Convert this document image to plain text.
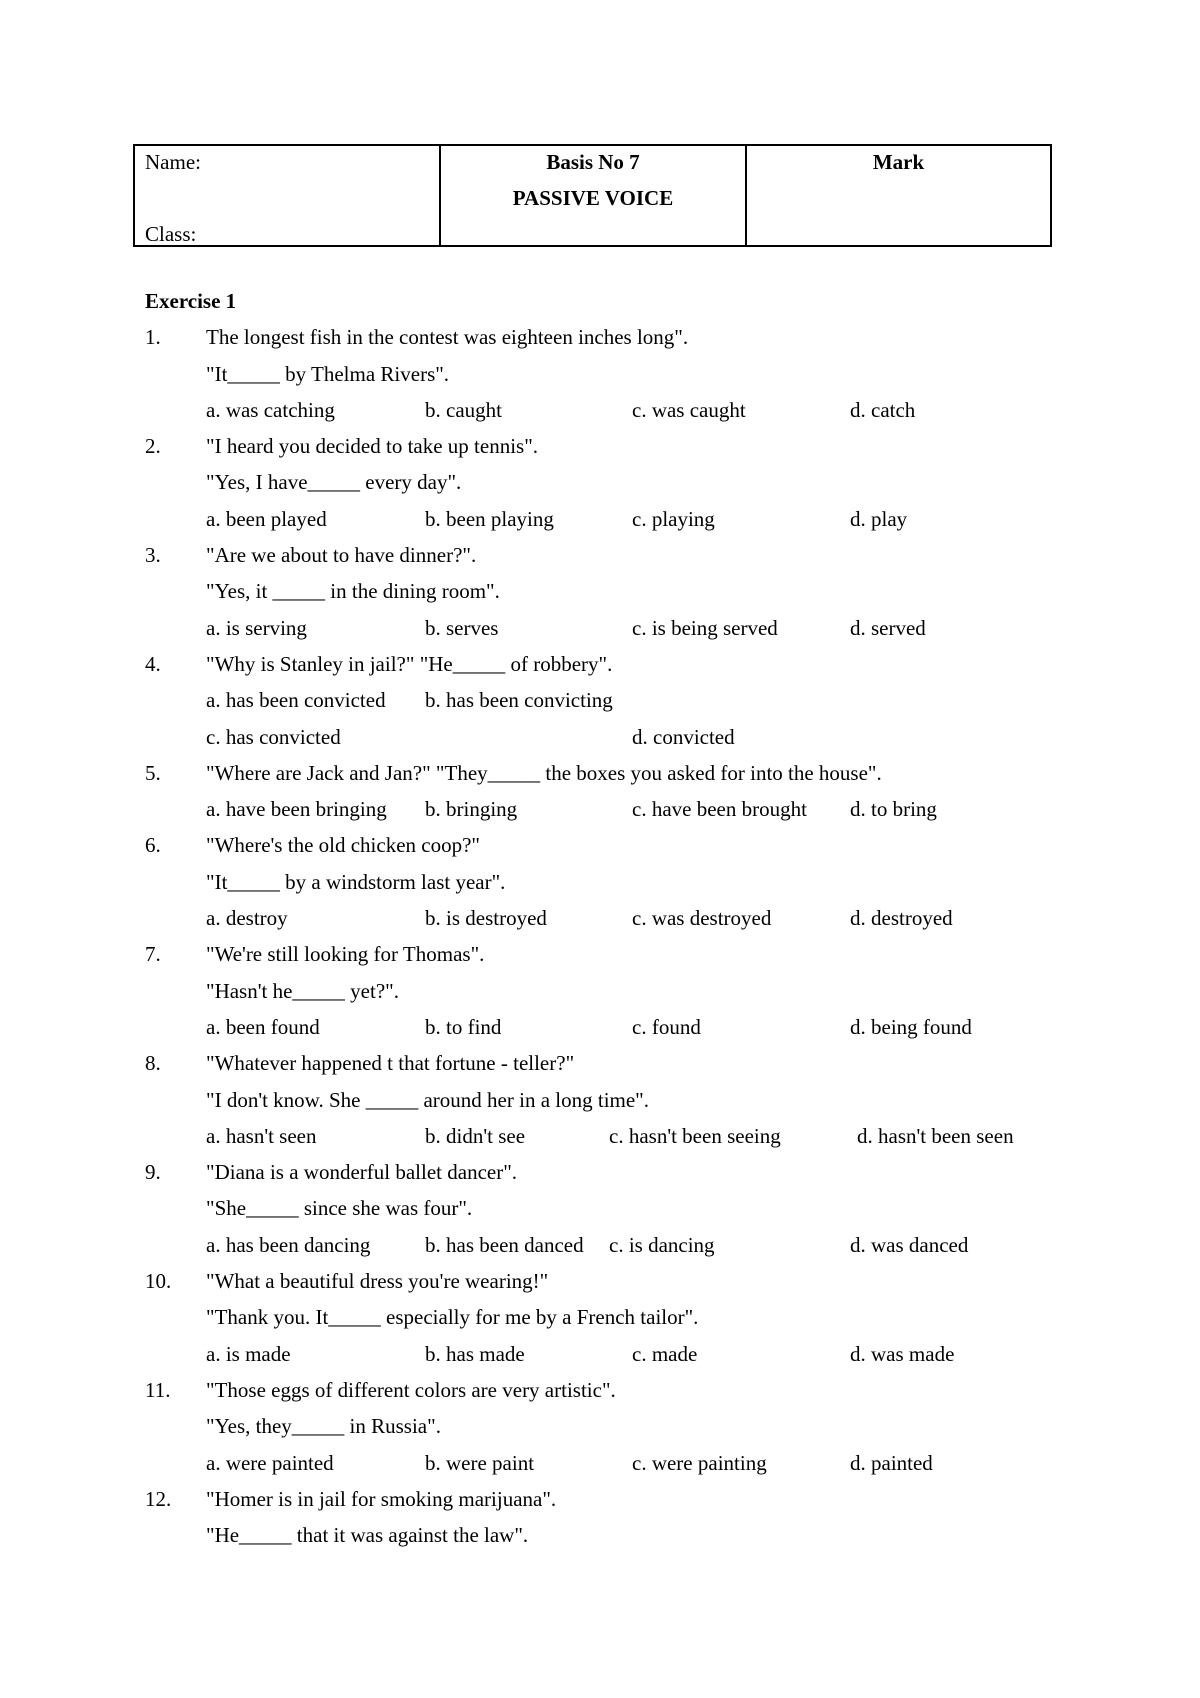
Name:
Class:

Basis No 7
PASSIVE VOICE

Mark
Exercise 1
1. The longest fish in the contest was eighteen inches long".
"It_____ by Thelma Rivers".
a. was catching	b. caught	c. was caught	d. catch
2. "I heard you decided to take up tennis".
"Yes, I have_____ every day".
a. been played	b. been playing	c. playing	d. play
3. "Are we about to have dinner?".
"Yes, it _____ in the dining room".
a. is serving	b. serves	c. is being served	d. served
4. "Why is Stanley in jail?" "He_____ of robbery".
a. has been convicted b. has been convicting
c. has convicted	d. convicted
5. "Where are Jack and Jan?" "They_____ the boxes you asked for into the house".
a. have been bringing b. bringing	c. have been brought d. to bring
6. "Where's the old chicken coop?"
"It_____ by a windstorm last year".
a. destroy	b. is destroyed	c. was destroyed	d. destroyed
7. "We're still looking for Thomas".
"Hasn't he_____ yet?".
a. been found	b. to find	c. found	d. being found
8. "Whatever happened t that fortune - teller?"
"I don't know. She _____ around her in a long time".
a. hasn't seen	b. didn't see	c. hasn't been seeing	d. hasn't been seen
9. "Diana is a wonderful ballet dancer".
"She_____ since she was four".
a. has been dancing	b. has been danced c. is dancing	d. was danced
10. "What a beautiful dress you're wearing!"
"Thank you. It_____ especially for me by a French tailor".
a. is made	b. has made	c. made	d. was made
11. "Those eggs of different colors are very artistic".
"Yes, they_____ in Russia".
a. were painted	b. were paint	c. were painting	d. painted
12. "Homer is in jail for smoking marijuana".
"He_____ that it was against the law".
